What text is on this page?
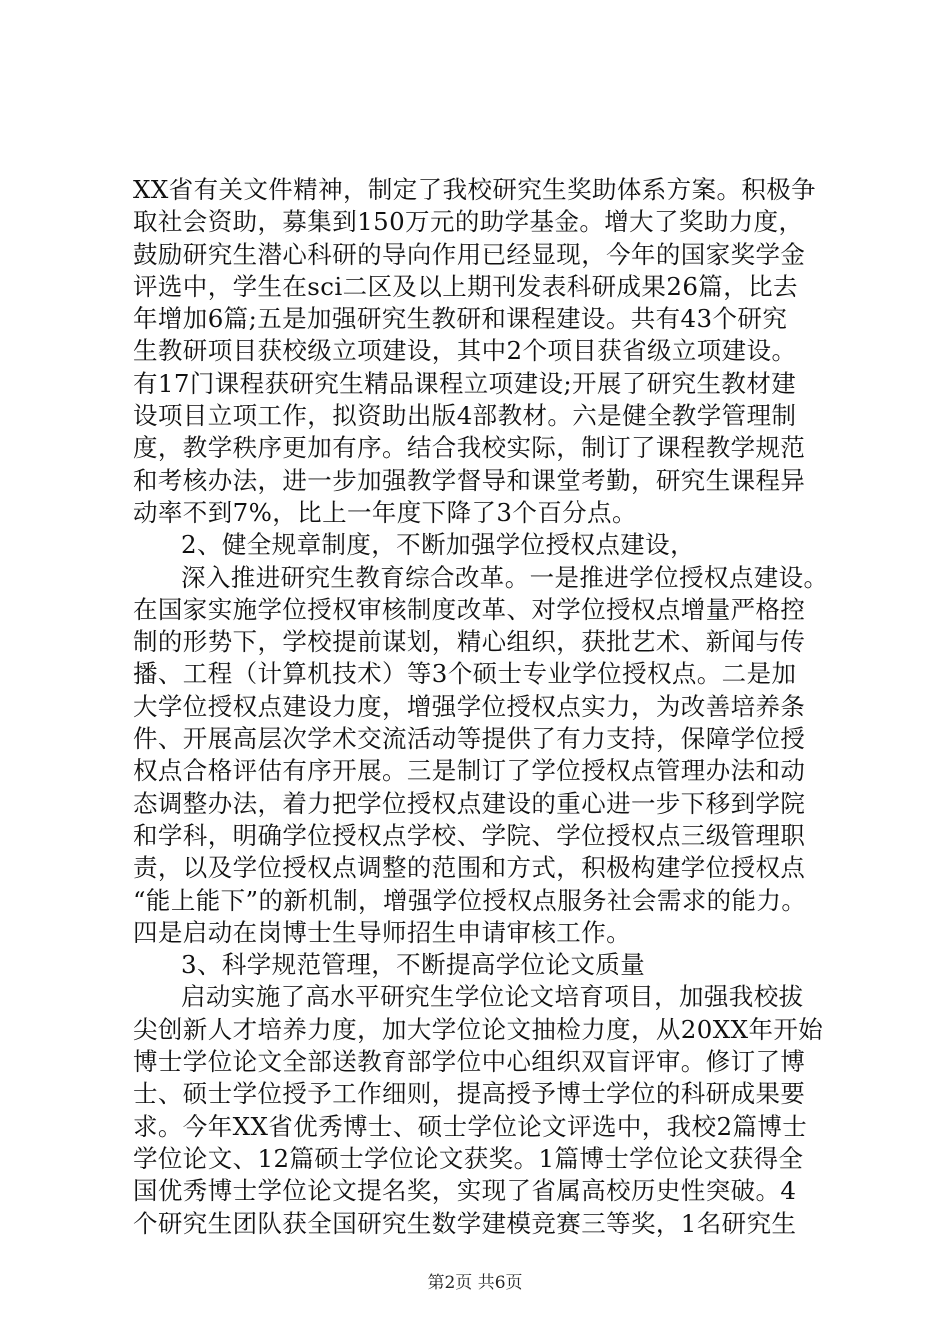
XX省有关文件精神，制定了我校研究生奖助体系方案。积极争
取社会资助，募集到150万元的助学基金。增大了奖助力度，
鼓励研究生潜心科研的导向作用已经显现，今年的国家奖学金
评选中，学生在sci二区及以上期刊发表科研成果26篇，比去
年增加6篇;五是加强研究生教研和课程建设。共有43个研究
生教研项目获校级立项建设，其中2个项目获省级立项建设。
有17门课程获研究生精品课程立项建设;开展了研究生教材建
设项目立项工作，拟资助出版4部教材。六是健全教学管理制
度，教学秩序更加有序。结合我校实际，制订了课程教学规范
和考核办法，进一步加强教学督导和课堂考勤，研究生课程异
动率不到7%，比上一年度下降了3个百分点。
2、健全规章制度，不断加强学位授权点建设，
深入推进研究生教育综合改革。一是推进学位授权点建设。
在国家实施学位授权审核制度改革、对学位授权点增量严格控
制的形势下，学校提前谋划，精心组织，获批艺术、新闻与传
播、工程（计算机技术）等3个硕士专业学位授权点。二是加
大学位授权点建设力度，增强学位授权点实力，为改善培养条
件、开展高层次学术交流活动等提供了有力支持，保障学位授
权点合格评估有序开展。三是制订了学位授权点管理办法和动
态调整办法，着力把学位授权点建设的重心进一步下移到学院
和学科，明确学位授权点学校、学院、学位授权点三级管理职
责，以及学位授权点调整的范围和方式，积极构建学位授权点
“能上能下”的新机制，增强学位授权点服务社会需求的能力。
四是启动在岗博士生导师招生申请审核工作。
3、科学规范管理，不断提高学位论文质量
启动实施了高水平研究生学位论文培育项目，加强我校拔
尖创新人才培养力度，加大学位论文抽检力度，从20XX年开始
博士学位论文全部送教育部学位中心组织双盲评审。修订了博
士、硕士学位授予工作细则，提高授予博士学位的科研成果要
求。今年XX省优秀博士、硕士学位论文评选中，我校2篇博士
学位论文、12篇硕士学位论文获奖。1篇博士学位论文获得全
国优秀博士学位论文提名奖，实现了省属高校历史性突破。4
个研究生团队获全国研究生数学建模竞赛三等奖，1名研究生
第2页 共6页
